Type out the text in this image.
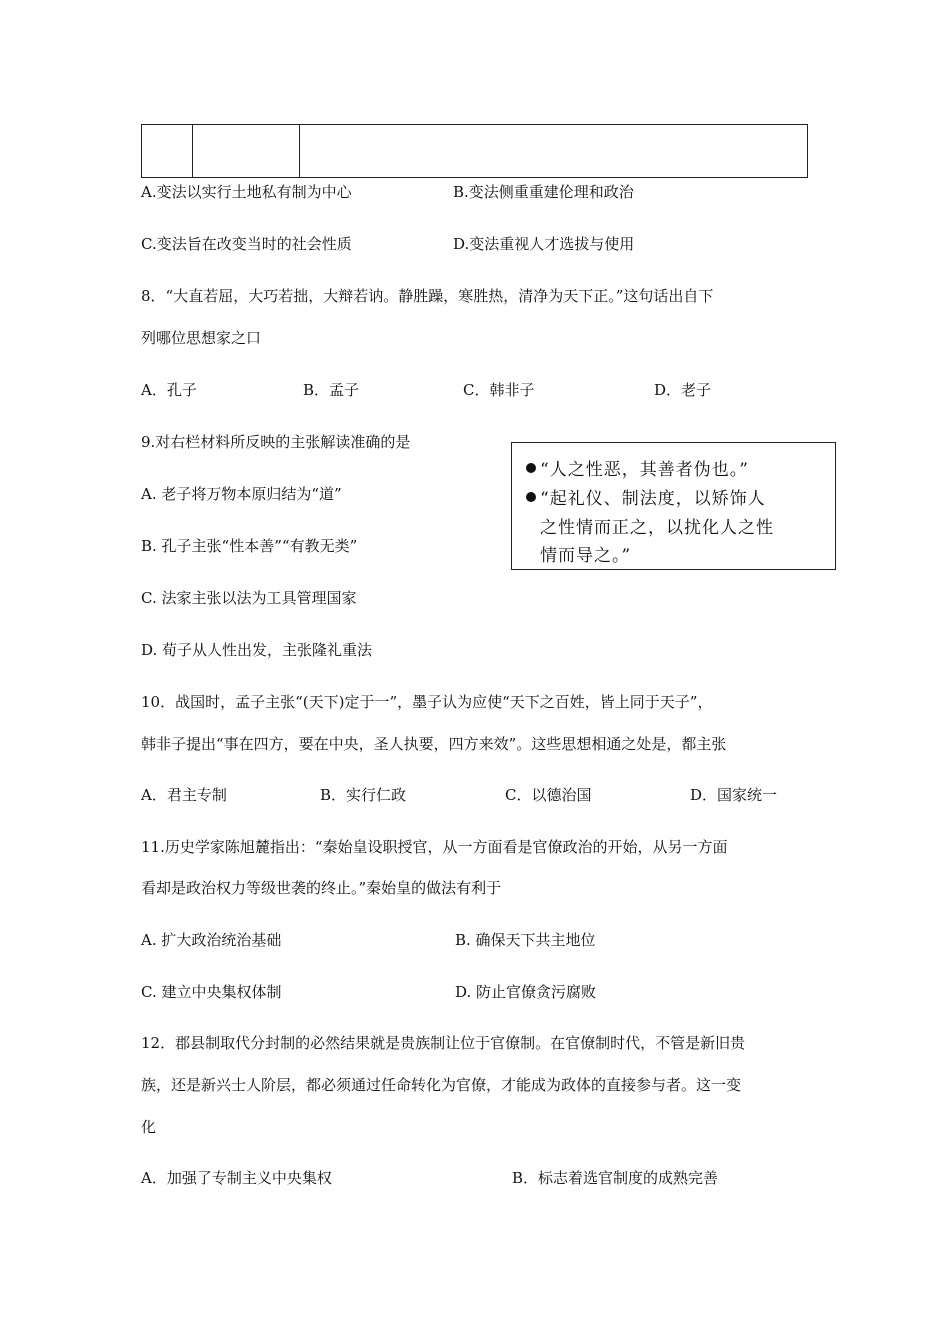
A.变法以实行土地私有制为中心	B.变法侧重重建伦理和政治
C.变法旨在改变当时的社会性质	D.变法重视人才选拔与使用
8．“大直若屈，大巧若拙，大辩若讷。静胜躁，寒胜热，清净为天下正。”这句话出自下
列哪位思想家之口
A．孔子	B．孟子	C．韩非子	D．老子
9.对右栏材料所反映的主张解读准确的是
A. 老子将万物本原归结为“道”
B. 孔子主张“性本善”“有教无类”
C. 法家主张以法为工具管理国家
D. 荀子从人性出发，主张隆礼重法
“人之性恶，其善者伪也。”
“起礼仪、制法度，以矫饰人
之性情而正之，以扰化人之性
情而导之。”
10．战国时，孟子主张“(天下)定于一”，墨子认为应使“天下之百姓，皆上同于天子”，
韩非子提出“事在四方，要在中央，圣人执要，四方来效”。这些思想相通之处是，都主张
A．君主专制	B．实行仁政	C．以德治国	D．国家统一
11.历史学家陈旭麓指出：“秦始皇设职授官，从一方面看是官僚政治的开始，从另一方面
看却是政治权力等级世袭的终止。”秦始皇的做法有利于
A. 扩大政治统治基础	B. 确保天下共主地位
C. 建立中央集权体制	D. 防止官僚贪污腐败
12．郡县制取代分封制的必然结果就是贵族制让位于官僚制。在官僚制时代，不管是新旧贵
族，还是新兴士人阶层，都必须通过任命转化为官僚，才能成为政体的直接参与者。这一变
化
A．加强了专制主义中央集权	B．标志着选官制度的成熟完善
